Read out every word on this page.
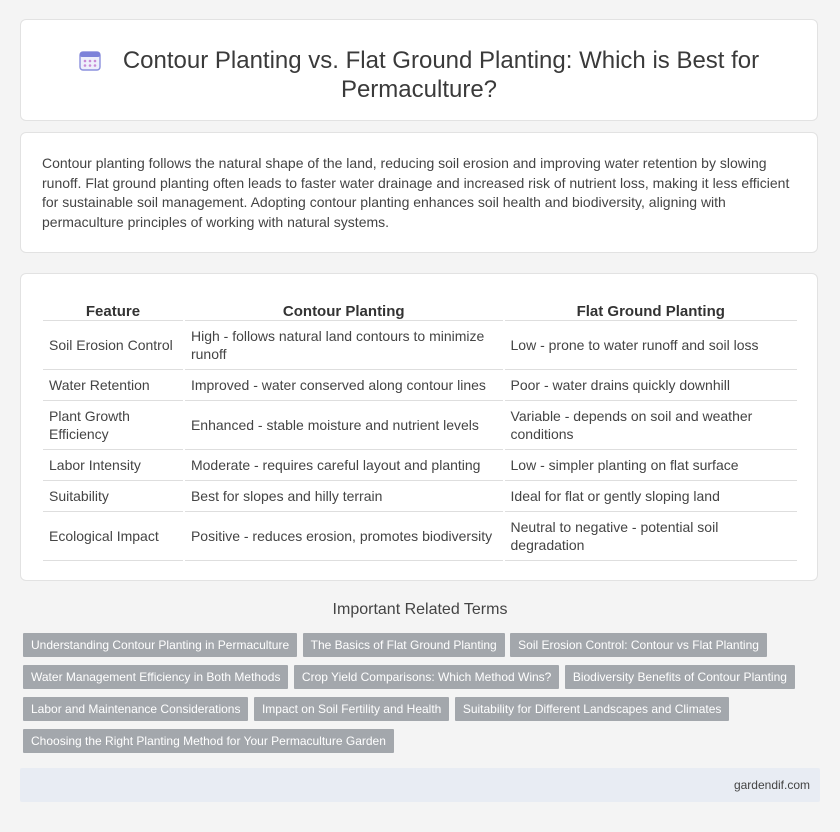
Contour Planting vs. Flat Ground Planting: Which is Best for Permaculture?
Contour planting follows the natural shape of the land, reducing soil erosion and improving water retention by slowing runoff. Flat ground planting often leads to faster water drainage and increased risk of nutrient loss, making it less efficient for sustainable soil management. Adopting contour planting enhances soil health and biodiversity, aligning with permaculture principles of working with natural systems.
Feature	Contour Planting	Flat Ground Planting
Soil Erosion Control	High - follows natural land contours to minimize runoff	Low - prone to water runoff and soil loss
Water Retention	Improved - water conserved along contour lines	Poor - water drains quickly downhill
Plant Growth Efficiency	Enhanced - stable moisture and nutrient levels	Variable - depends on soil and weather conditions
Labor Intensity	Moderate - requires careful layout and planting	Low - simpler planting on flat surface
Suitability	Best for slopes and hilly terrain	Ideal for flat or gently sloping land
Ecological Impact	Positive - reduces erosion, promotes biodiversity	Neutral to negative - potential soil degradation
Important Related Terms
Understanding Contour Planting in Permaculture The Basics of Flat Ground Planting Soil Erosion Control: Contour vs Flat Planting
Water Management Efficiency in Both Methods Crop Yield Comparisons: Which Method Wins? Biodiversity Benefits of Contour Planting
Labor and Maintenance Considerations Impact on Soil Fertility and Health Suitability for Different Landscapes and Climates
Choosing the Right Planting Method for Your Permaculture Garden
gardendif.com
